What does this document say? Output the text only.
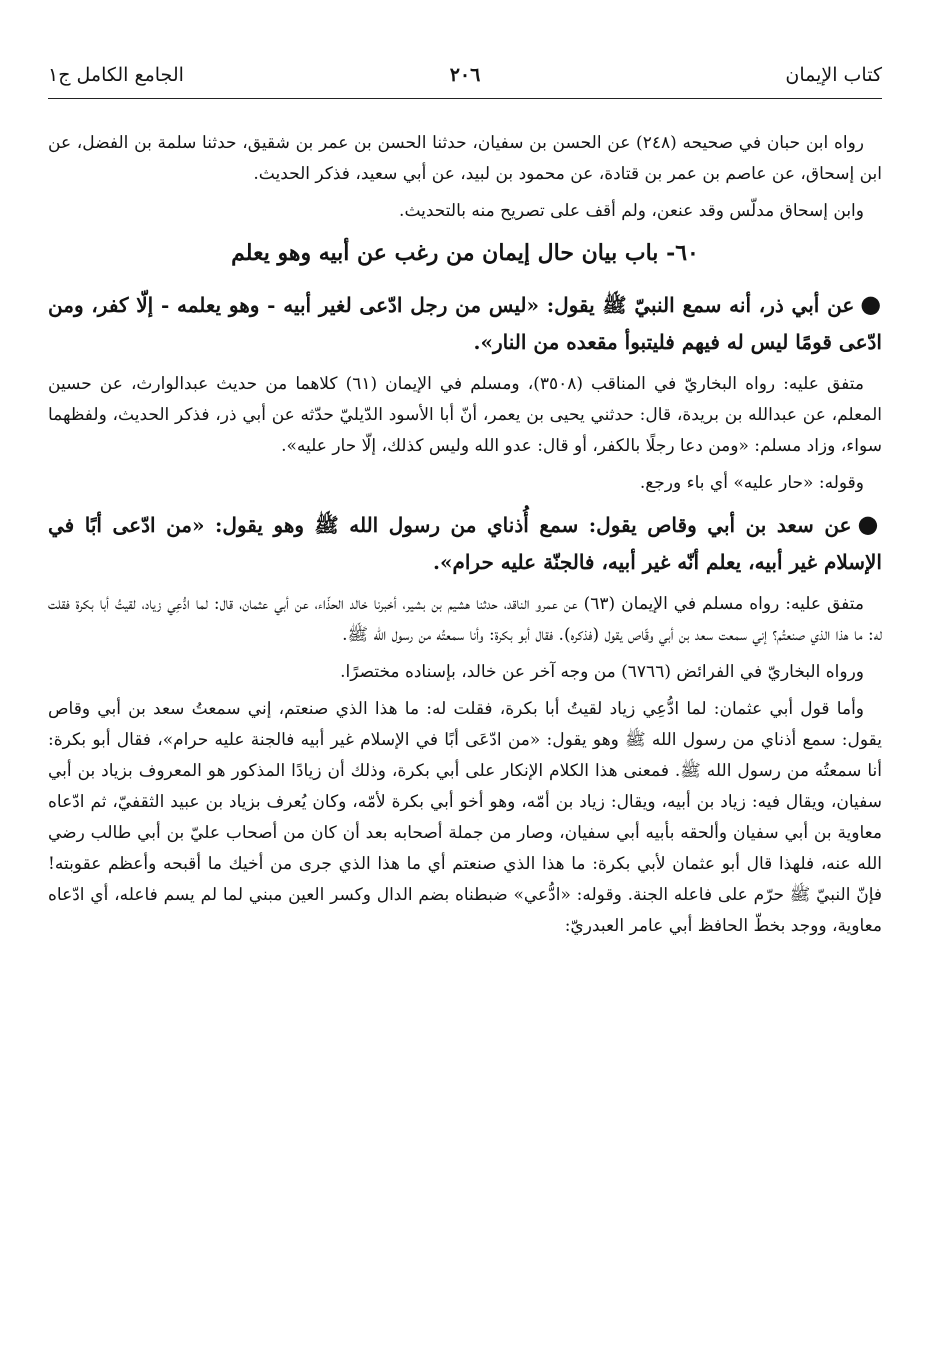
كتاب الإيمان
٢٠٦
الجامع الكامل ج١

رواه ابن حبان في صحيحه (٢٤٨) عن الحسن بن سفيان، حدثنا الحسن بن عمر بن شقيق، حدثنا سلمة بن الفضل، عن ابن إسحاق، عن عاصم بن عمر بن قتادة، عن محمود بن لبيد، عن أبي سعيد، فذكر الحديث.

وابن إسحاق مدلّس وقد عنعن، ولم أقف على تصريح منه بالتحديث.

٦٠- باب بيان حال إيمان من رغب عن أبيه وهو يعلم

●عن أبي ذر، أنه سمع النبيّ ﷺ يقول: «ليس من رجل ادّعى لغير أبيه - وهو يعلمه - إلّا كفر، ومن ادّعى قومًا ليس له فيهم فليتبوأ مقعده من النار».

متفق عليه: رواه البخاريّ في المناقب (٣٥٠٨)، ومسلم في الإيمان (٦١) كلاهما من حديث عبدالوارث، عن حسين المعلم، عن عبدالله بن بريدة، قال: حدثني يحيى بن يعمر، أنّ أبا الأسود الدّيليّ حدّثه عن أبي ذر، فذكر الحديث، ولفظهما سواء، وزاد مسلم: «ومن دعا رجلًا بالكفر، أو قال: عدو الله وليس كذلك، إلّا حار عليه».

وقوله: «حار عليه» أي باء ورجع.

●عن سعد بن أبي وقاص يقول: سمع أُذناي من رسول الله ﷺ وهو يقول: «من ادّعى أبًا في الإسلام غير أبيه، يعلم أنّه غير أبيه، فالجنّة عليه حرام».

متفق عليه: رواه مسلم في الإيمان (٦٣) عن عمرو الناقد، حدثنا هشيم بن بشير، أخبرنا خالد الحذّاء، عن أبي عثمان، قال: لما ادُّعِي زياد، لقيتُ أبا بكرة فقلت له: ما هذا الذي صنعتُم؟ إني سمعت سعد بن أبي وقّاص يقول (فذكره). فقال أبو بكرة: وأنا سمعتُه من رسول الله ﷺ.

ورواه البخاريّ في الفرائض (٦٧٦٦) من وجه آخر عن خالد، بإسناده مختصرًا.

وأما قول أبي عثمان: لما ادُّعِي زياد لقيتُ أبا بكرة، فقلت له: ما هذا الذي صنعتم، إني سمعتُ سعد بن أبي وقاص يقول: سمع أذناي من رسول الله ﷺ وهو يقول: «من ادّعَى أبًا في الإسلام غير أبيه فالجنة عليه حرام»، فقال أبو بكرة: أنا سمعتُه من رسول الله ﷺ. فمعنى هذا الكلام الإنكار على أبي بكرة، وذلك أن زيادًا المذكور هو المعروف بزياد بن أبي سفيان، ويقال فيه: زياد بن أبيه، ويقال: زياد بن أمّه، وهو أخو أبي بكرة لأمّه، وكان يُعرف بزياد بن عبيد الثقفيّ، ثم ادّعاه معاوية بن أبي سفيان وألحقه بأبيه أبي سفيان، وصار من جملة أصحابه بعد أن كان من أصحاب عليّ بن أبي طالب رضي الله عنه، فلهذا قال أبو عثمان لأبي بكرة: ما هذا الذي صنعتم أي ما هذا الذي جرى من أخيك ما أقبحه وأعظم عقوبته! فإنّ النبيّ ﷺ حرّم على فاعله الجنة. وقوله: «ادُّعي» ضبطناه بضم الدال وكسر العين مبني لما لم يسم فاعله، أي ادّعاه معاوية، ووجد بخطّ الحافظ أبي عامر العبدريّ:
